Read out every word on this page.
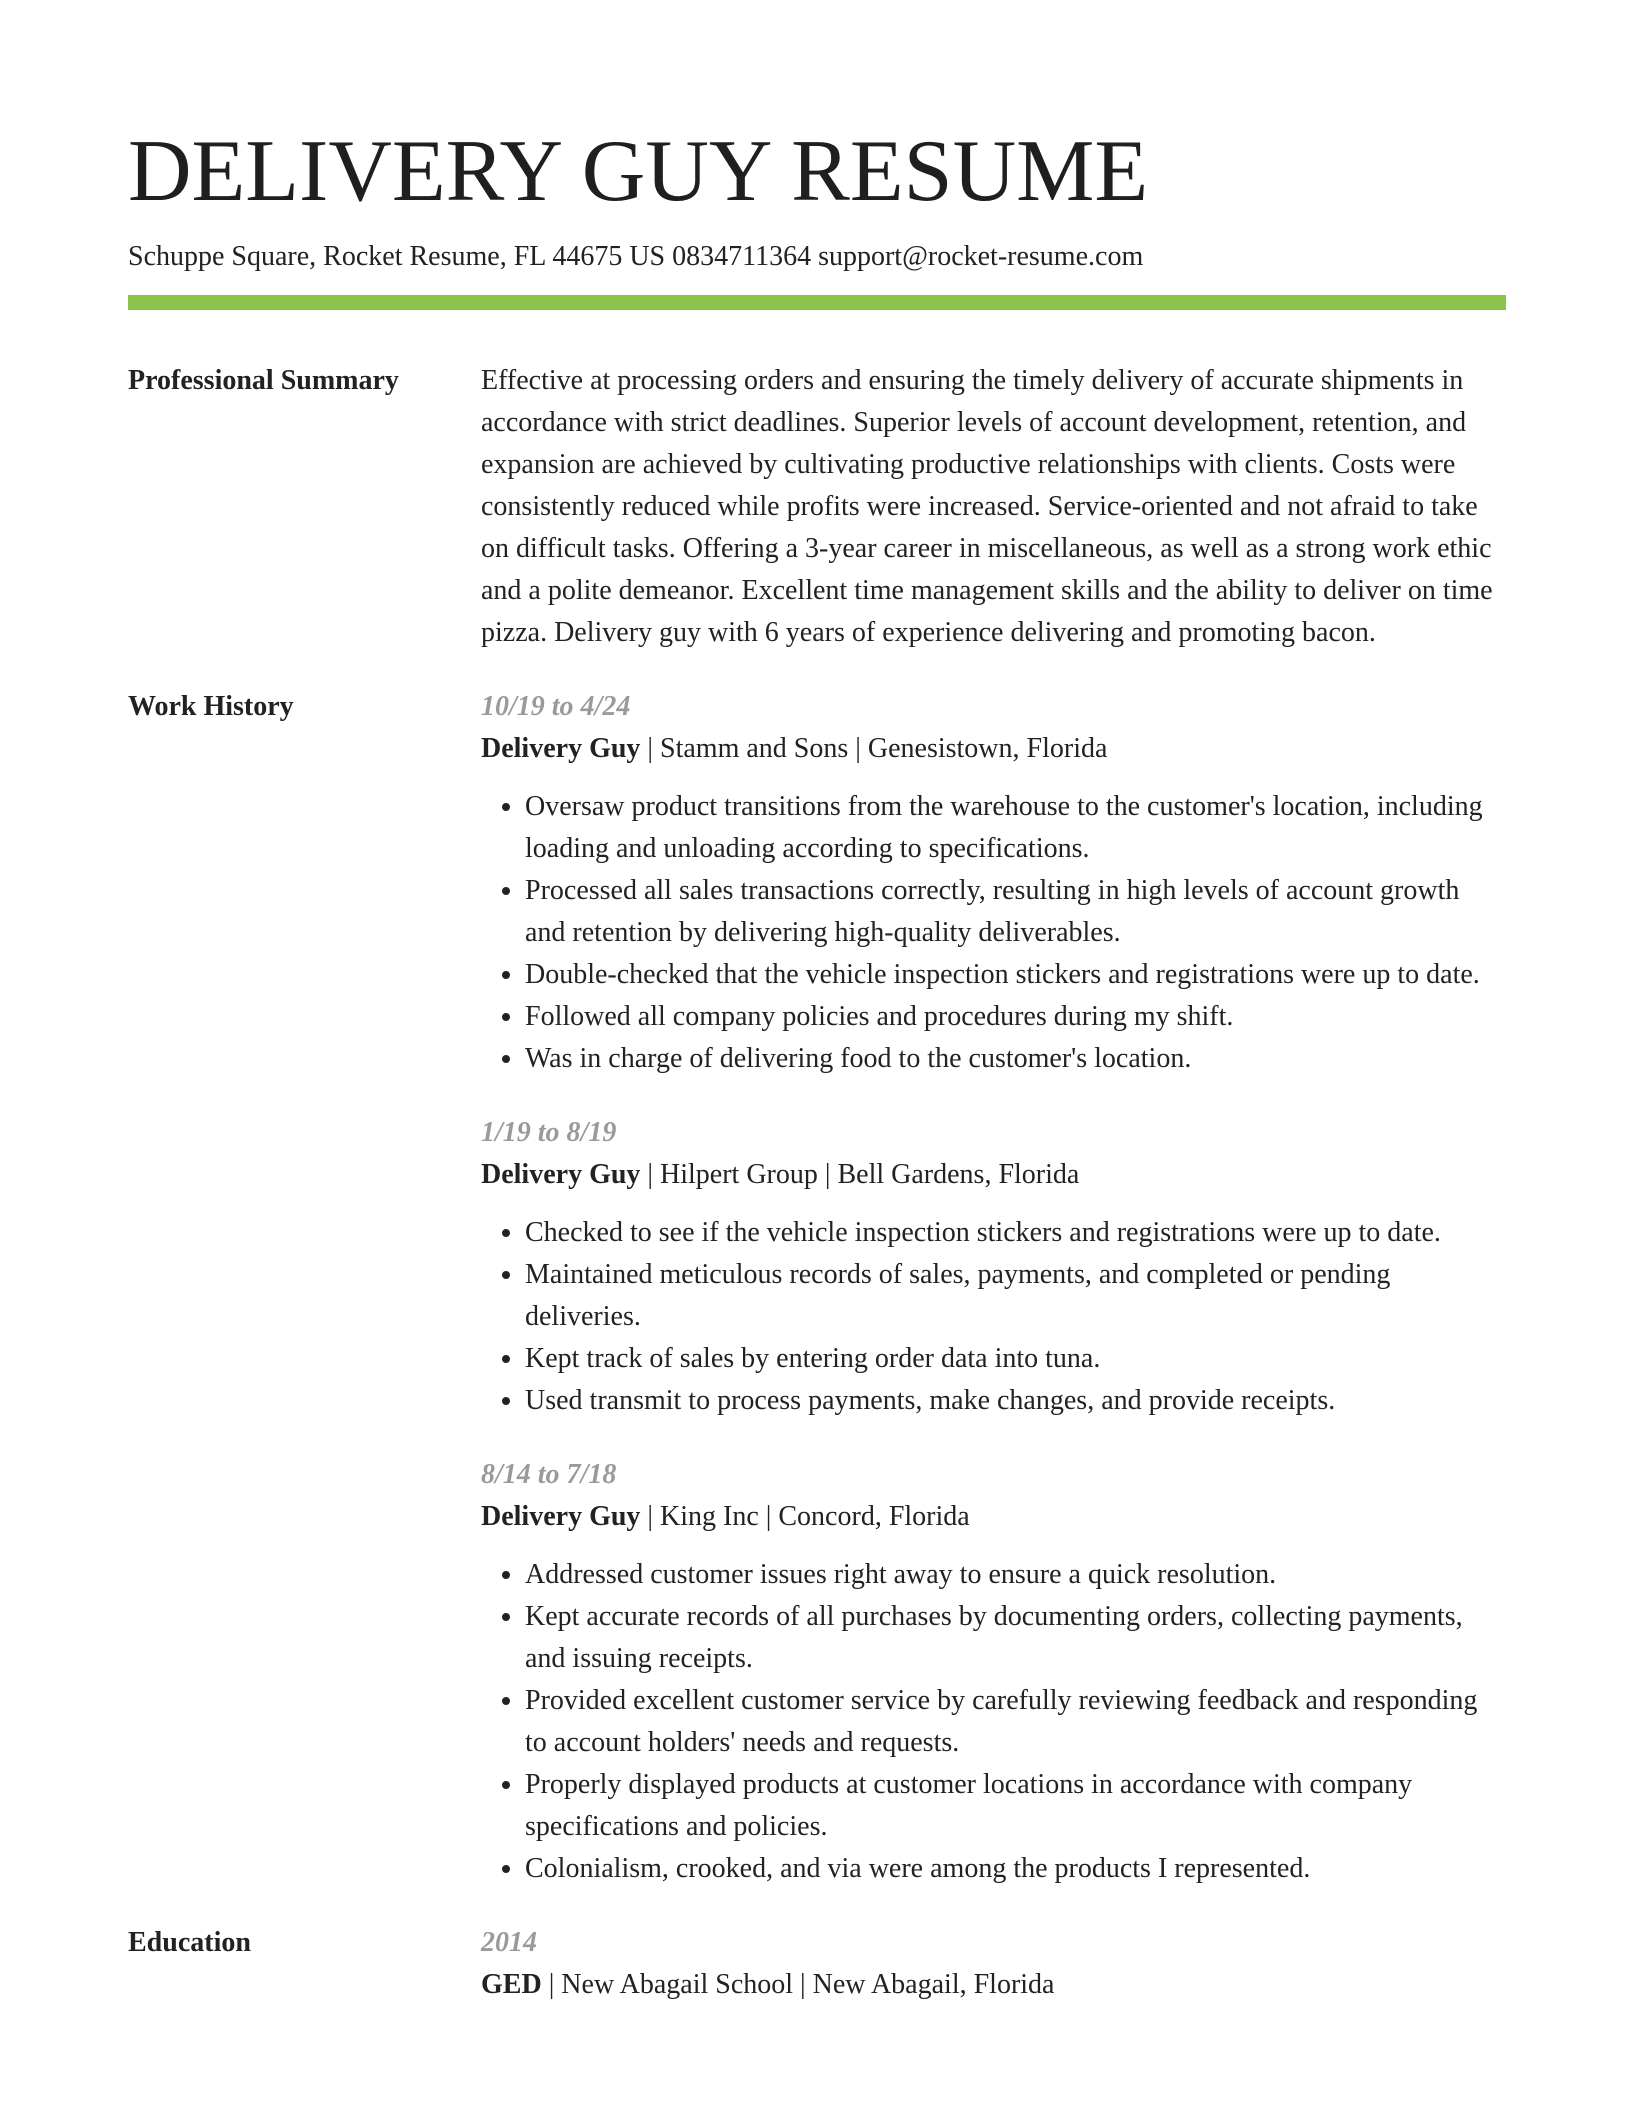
DELIVERY GUY RESUME
Schuppe Square, Rocket Resume, FL 44675 US 0834711364 support@rocket-resume.com
Professional Summary	Effective at processing orders and ensuring the timely delivery of accurate shipments in accordance with strict deadlines. Superior levels of account development, retention, and expansion are achieved by cultivating productive relationships with clients. Costs were consistently reduced while profits were increased. Service-oriented and not afraid to take on difficult tasks. Offering a 3-year career in miscellaneous, as well as a strong work ethic and a polite demeanor. Excellent time management skills and the ability to deliver on time pizza. Delivery guy with 6 years of experience delivering and promoting bacon.
Work History	10/19 to 4/24
Delivery Guy | Stamm and Sons | Genesistown, Florida
• Oversaw product transitions from the warehouse to the customer's location, including loading and unloading according to specifications.
• Processed all sales transactions correctly, resulting in high levels of account growth and retention by delivering high-quality deliverables.
• Double-checked that the vehicle inspection stickers and registrations were up to date.
• Followed all company policies and procedures during my shift.
• Was in charge of delivering food to the customer's location.
1/19 to 8/19
Delivery Guy | Hilpert Group | Bell Gardens, Florida
• Checked to see if the vehicle inspection stickers and registrations were up to date.
• Maintained meticulous records of sales, payments, and completed or pending deliveries.
• Kept track of sales by entering order data into tuna.
• Used transmit to process payments, make changes, and provide receipts.
8/14 to 7/18
Delivery Guy | King Inc | Concord, Florida
• Addressed customer issues right away to ensure a quick resolution.
• Kept accurate records of all purchases by documenting orders, collecting payments, and issuing receipts.
• Provided excellent customer service by carefully reviewing feedback and responding to account holders' needs and requests.
• Properly displayed products at customer locations in accordance with company specifications and policies.
• Colonialism, crooked, and via were among the products I represented.
Education	2014
GED | New Abagail School | New Abagail, Florida
